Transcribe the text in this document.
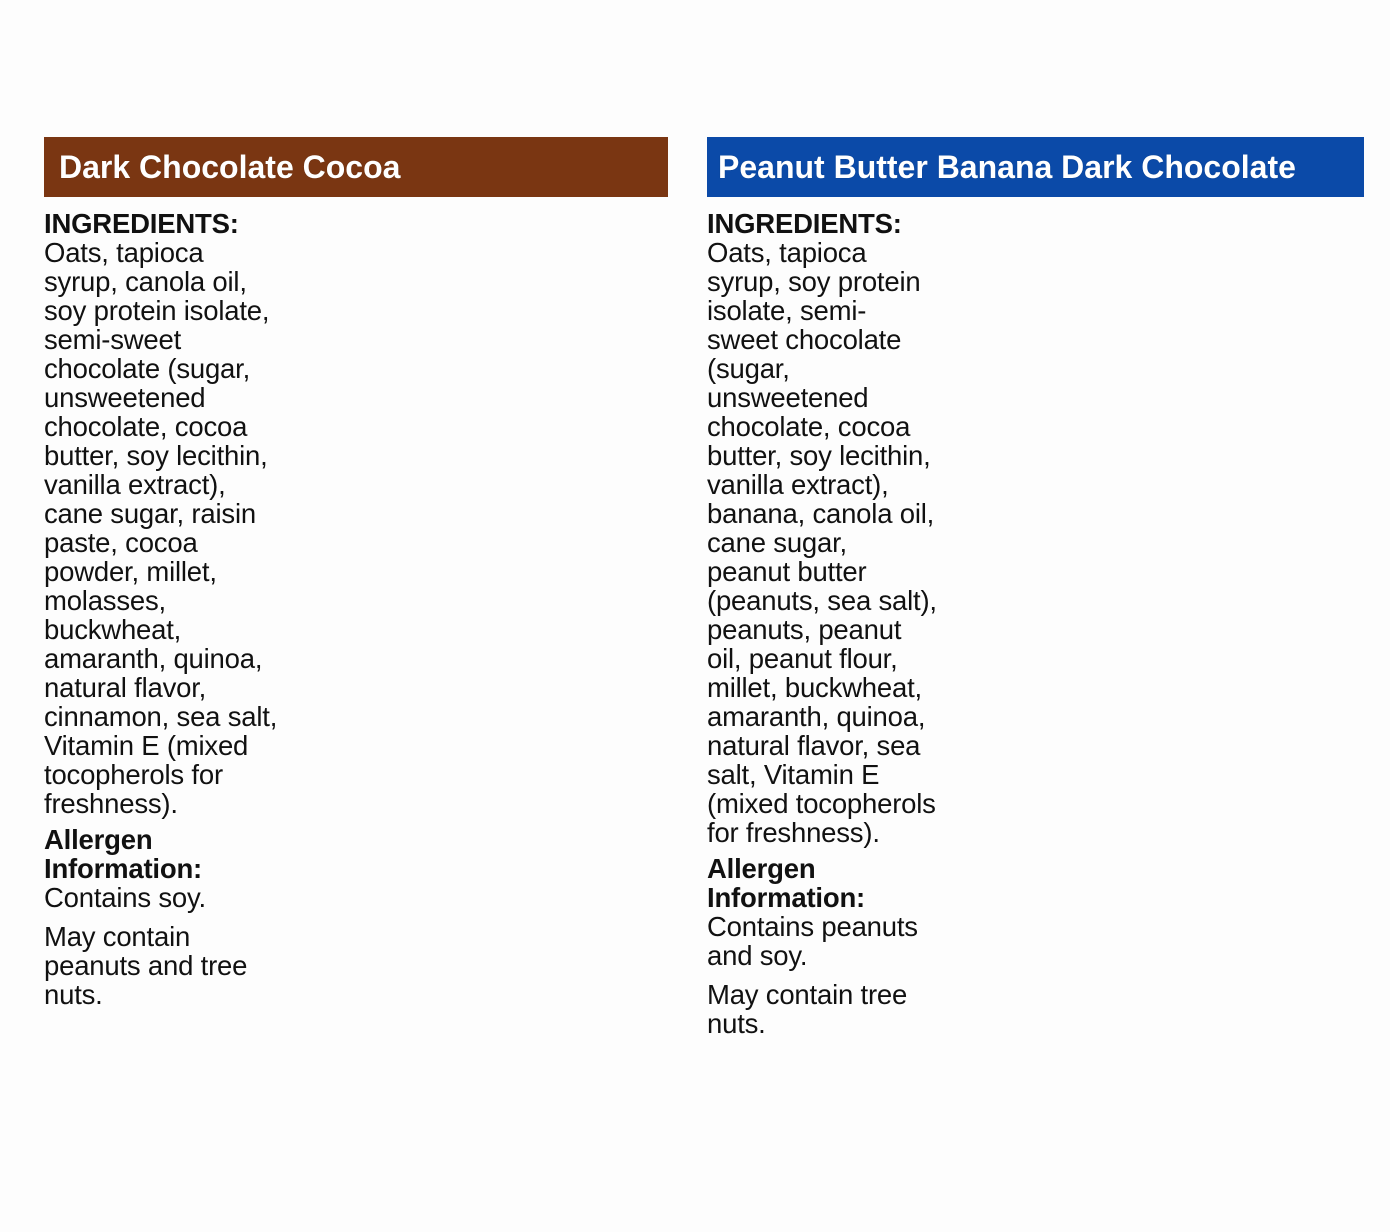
Dark Chocolate Cocoa
INGREDIENTS:
Oats, tapioca syrup, canola oil, soy protein isolate, semi-sweet chocolate (sugar, unsweetened chocolate, cocoa butter, soy lecithin, vanilla extract), cane sugar, raisin paste, cocoa powder, millet, molasses, buckwheat, amaranth, quinoa, natural flavor, cinnamon, sea salt, Vitamin E (mixed tocopherols for freshness).
Allergen Information:
Contains soy.
May contain peanuts and tree nuts.
Peanut Butter Banana Dark Chocolate
INGREDIENTS:
Oats, tapioca syrup, soy protein isolate, semi-sweet chocolate (sugar, unsweetened chocolate, cocoa butter, soy lecithin, vanilla extract), banana, canola oil, cane sugar, peanut butter (peanuts, sea salt), peanuts, peanut oil, peanut flour, millet, buckwheat, amaranth, quinoa, natural flavor, sea salt, Vitamin E (mixed tocopherols for freshness).
Allergen Information:
Contains peanuts and soy.
May contain tree nuts.
